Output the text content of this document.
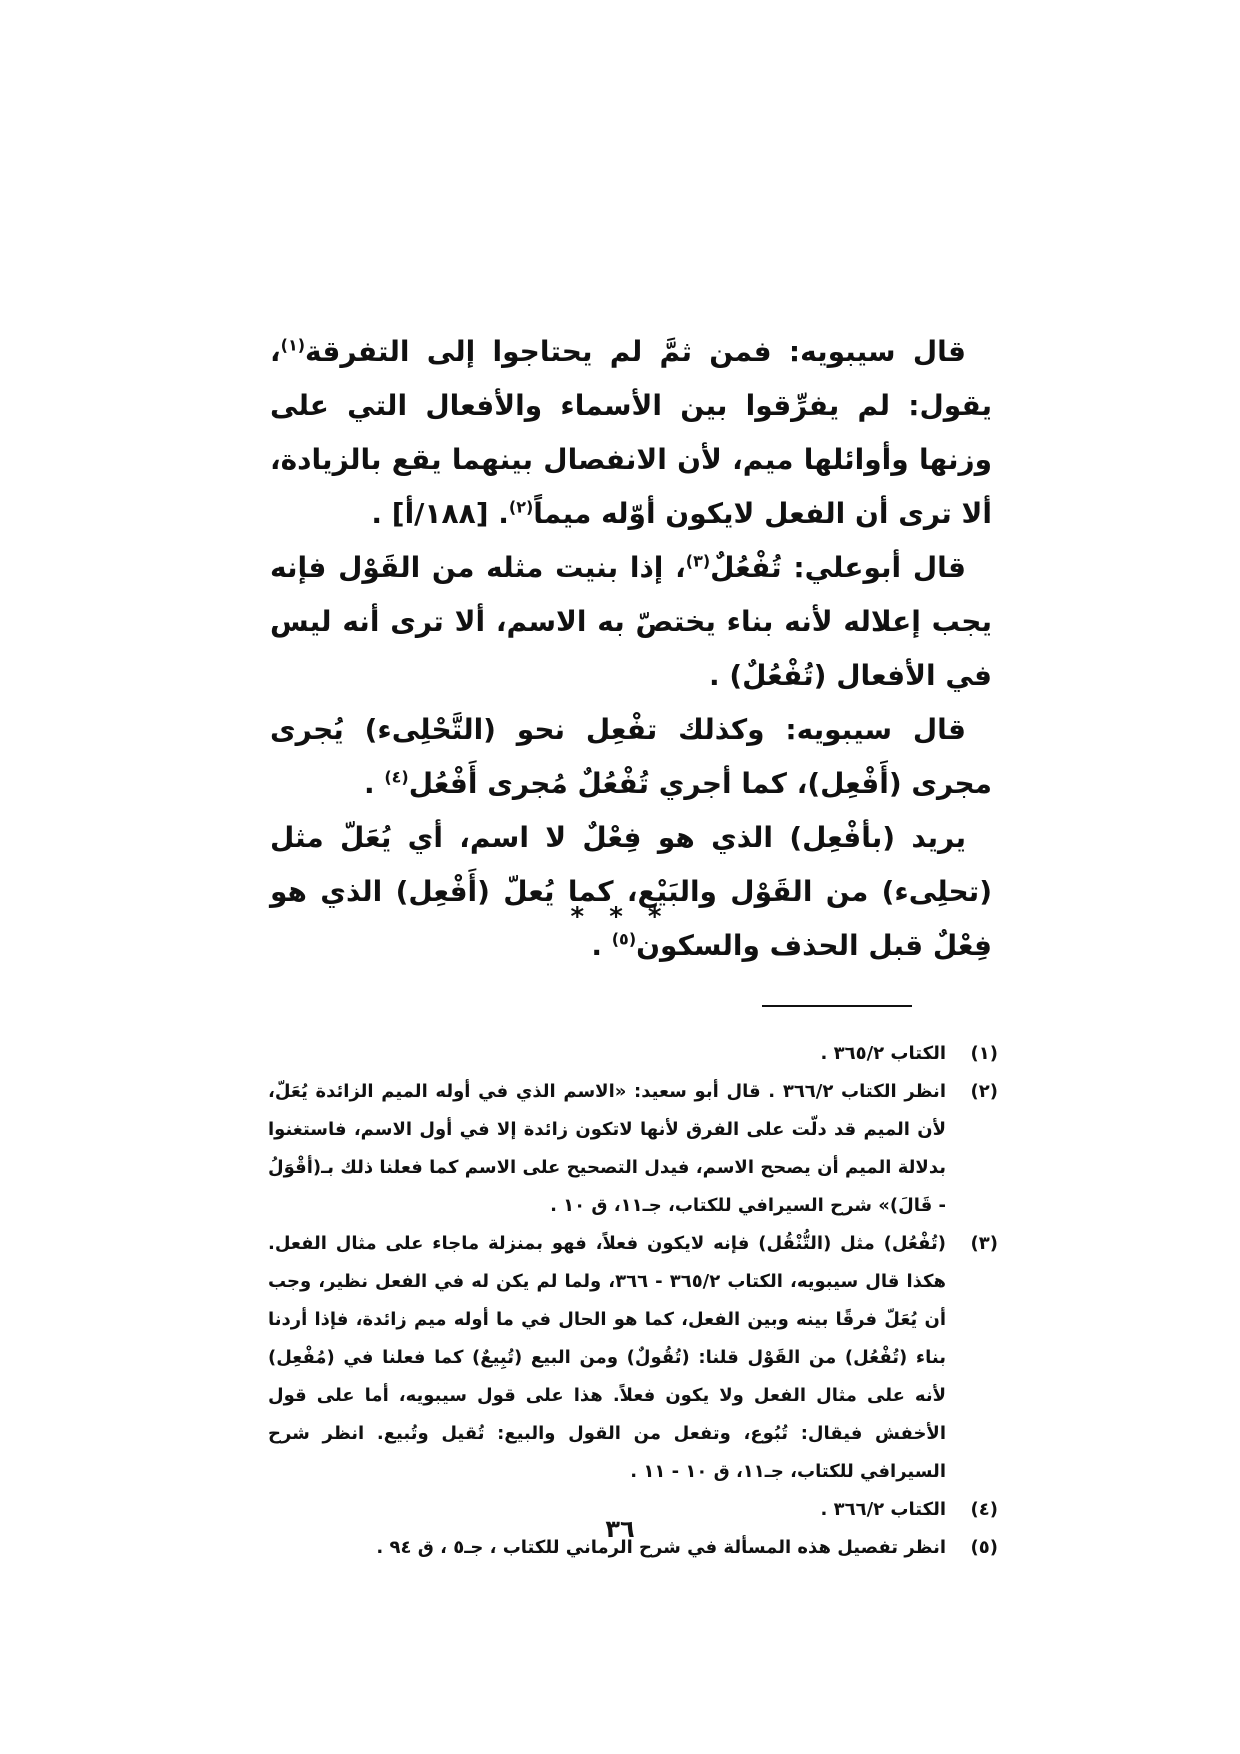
قال سيبويه: فمن ثمَّ لم يحتاجوا إلى التفرقة$^{(١)}$، يقول: لم يفرِّقوا بين الأسماء والأفعال التي على وزنها وأوائلها ميم، لأن الانفصال بينهما يقع بالزيادة، ألا ترى أن الفعل لايكون أوّله ميماً$^{(٢)}$. [١٨٨/أ] .

قال أبوعلي: تُفْعُلٌ$^{(٣)}$، إذا بنيت مثله من القَوْل فإنه يجب إعلاله لأنه بناء يختصّ به الاسم، ألا ترى أنه ليس في الأفعال (تُفْعُلٌ) .

قال سيبويه: وكذلك تفْعِل نحو (التَّحْلِىء) يُجرى مجرى (أَفْعِل)، كما أجري تُفْعُلٌ مُجرى أَفْعُل$^{(٤)}$ .

يريد (بأفْعِل) الذي هو فِعْلٌ لا اسم، أي يُعَلّ مثل (تحلِىء) من القَوْل والبَيْع، كما يُعلّ (أَفْعِل) الذي هو فِعْلٌ قبل الحذف والسكون$^{(٥)}$ .

* * *
(١)
الكتاب ٣٦٥/٢ .
(٢)
انظر الكتاب ٣٦٦/٢ . قال أبو سعيد: «الاسم الذي في أوله الميم الزائدة يُعَلّ، لأن الميم قد دلّت على الفرق لأنها لاتكون زائدة إلا في أول الاسم، فاستغنوا بدلالة الميم أن يصحح الاسم، فيدل التصحيح على الاسم كما فعلنا ذلك بـ(أقْوَلُ - قَالَ)» شرح السيرافي للكتاب، جـ١١، ق ١٠ .
(٣)
(تُفْعُل) مثل (التُّنْقُل) فإنه لايكون فعلاً، فهو بمنزلة ماجاء على مثال الفعل. هكذا قال سيبويه، الكتاب ٣٦٥/٢ - ٣٦٦، ولما لم يكن له في الفعل نظير، وجب أن يُعَلّ فرقًا بينه وبين الفعل، كما هو الحال في ما أوله ميم زائدة، فإذا أردنا بناء (تُفْعُل) من القَوْل قلنا: (تُقُولٌ) ومن البيع (تُبِيعٌ) كما فعلنا في (مُفْعِل) لأنه على مثال الفعل ولا يكون فعلاً. هذا على قول سيبويه، أما على قول الأخفش فيقال: تُبُوع، وتفعل من القول والبيع: تُقيل وتُبيع. انظر شرح السيرافي للكتاب، جـ١١، ق ١٠ - ١١ .
(٤)
الكتاب ٣٦٦/٢ .
(٥)
انظر تفصيل هذه المسألة في شرح الرماني للكتاب ، جـ٥ ، ق ٩٤ .
٣٦
